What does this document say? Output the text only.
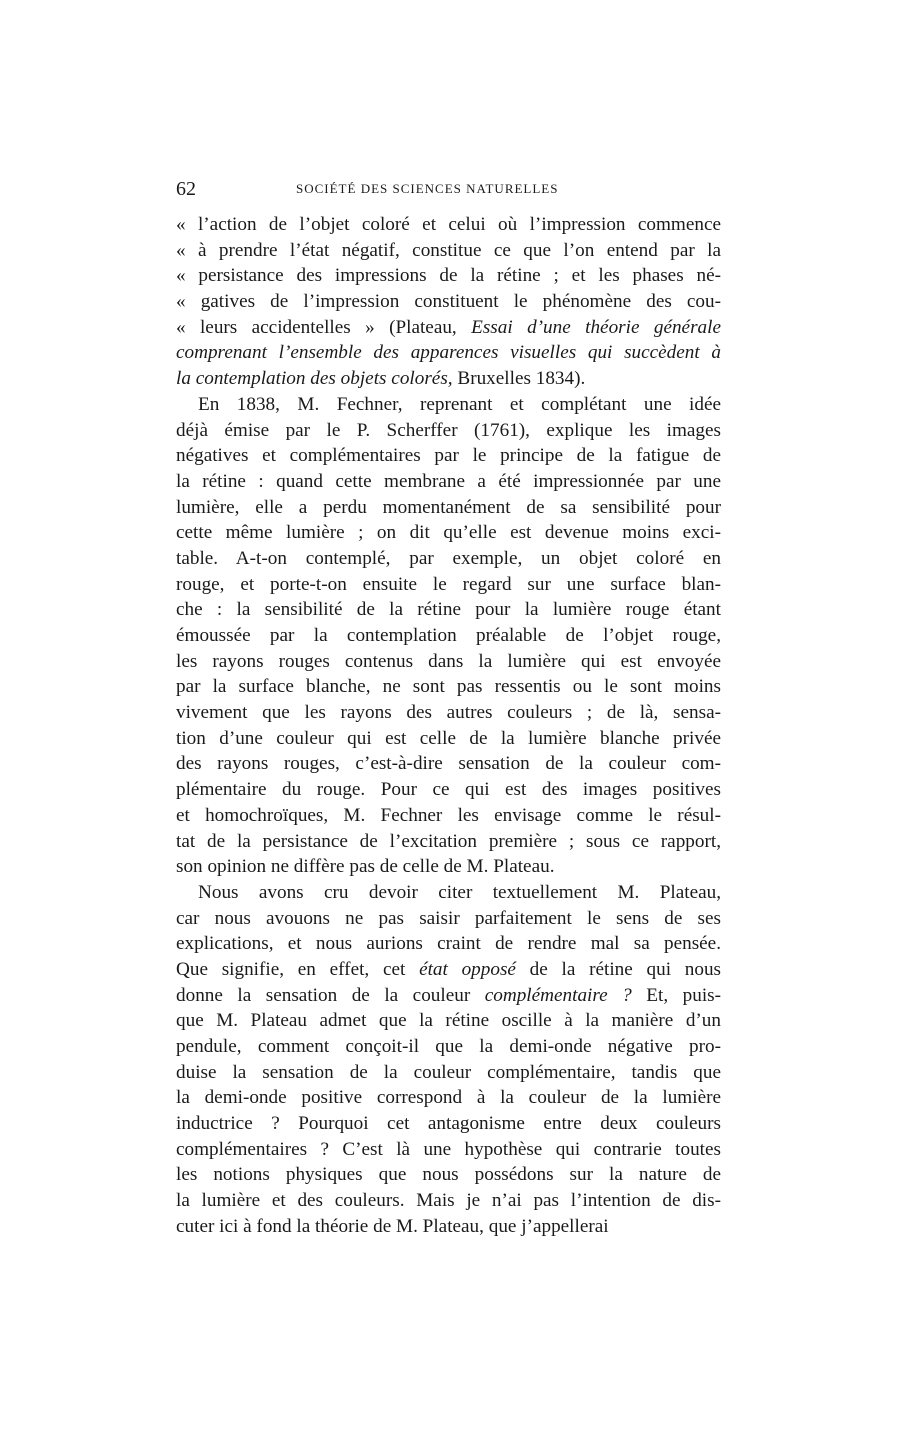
62	SOCIÉTÉ DES SCIENCES NATURELLES
« l’action de l’objet coloré et celui où l’impression commence
« à prendre l’état négatif, constitue ce que l’on entend par la
« persistance des impressions de la rétine ; et les phases né-
« gatives de l’impression constituent le phénomène des cou-
« leurs accidentelles » (Plateau, Essai d’une théorie générale
comprenant l’ensemble des apparences visuelles qui succèdent à
la contemplation des objets colorés, Bruxelles 1834).
En 1838, M. Fechner, reprenant et complétant une idée
déjà émise par le P. Scherffer (1761), explique les images
négatives et complémentaires par le principe de la fatigue de
la rétine : quand cette membrane a été impressionnée par une
lumière, elle a perdu momentanément de sa sensibilité pour
cette même lumière ; on dit qu’elle est devenue moins exci-
table. A-t-on contemplé, par exemple, un objet coloré en
rouge, et porte-t-on ensuite le regard sur une surface blan-
che : la sensibilité de la rétine pour la lumière rouge étant
émoussée par la contemplation préalable de l’objet rouge,
les rayons rouges contenus dans la lumière qui est envoyée
par la surface blanche, ne sont pas ressentis ou le sont moins
vivement que les rayons des autres couleurs ; de là, sensa-
tion d’une couleur qui est celle de la lumière blanche privée
des rayons rouges, c’est-à-dire sensation de la couleur com-
plémentaire du rouge. Pour ce qui est des images positives
et homochroïques, M. Fechner les envisage comme le résul-
tat de la persistance de l’excitation première ; sous ce rapport,
son opinion ne diffère pas de celle de M. Plateau.
Nous avons cru devoir citer textuellement M. Plateau,
car nous avouons ne pas saisir parfaitement le sens de ses
explications, et nous aurions craint de rendre mal sa pensée.
Que signifie, en effet, cet état opposé de la rétine qui nous
donne la sensation de la couleur complémentaire ? Et, puis-
que M. Plateau admet que la rétine oscille à la manière d’un
pendule, comment conçoit-il que la demi-onde négative pro-
duise la sensation de la couleur complémentaire, tandis que
la demi-onde positive correspond à la couleur de la lumière
inductrice ? Pourquoi cet antagonisme entre deux couleurs
complémentaires ? C’est là une hypothèse qui contrarie toutes
les notions physiques que nous possédons sur la nature de
la lumière et des couleurs. Mais je n’ai pas l’intention de dis-
cuter ici à fond la théorie de M. Plateau, que j’appellerai
